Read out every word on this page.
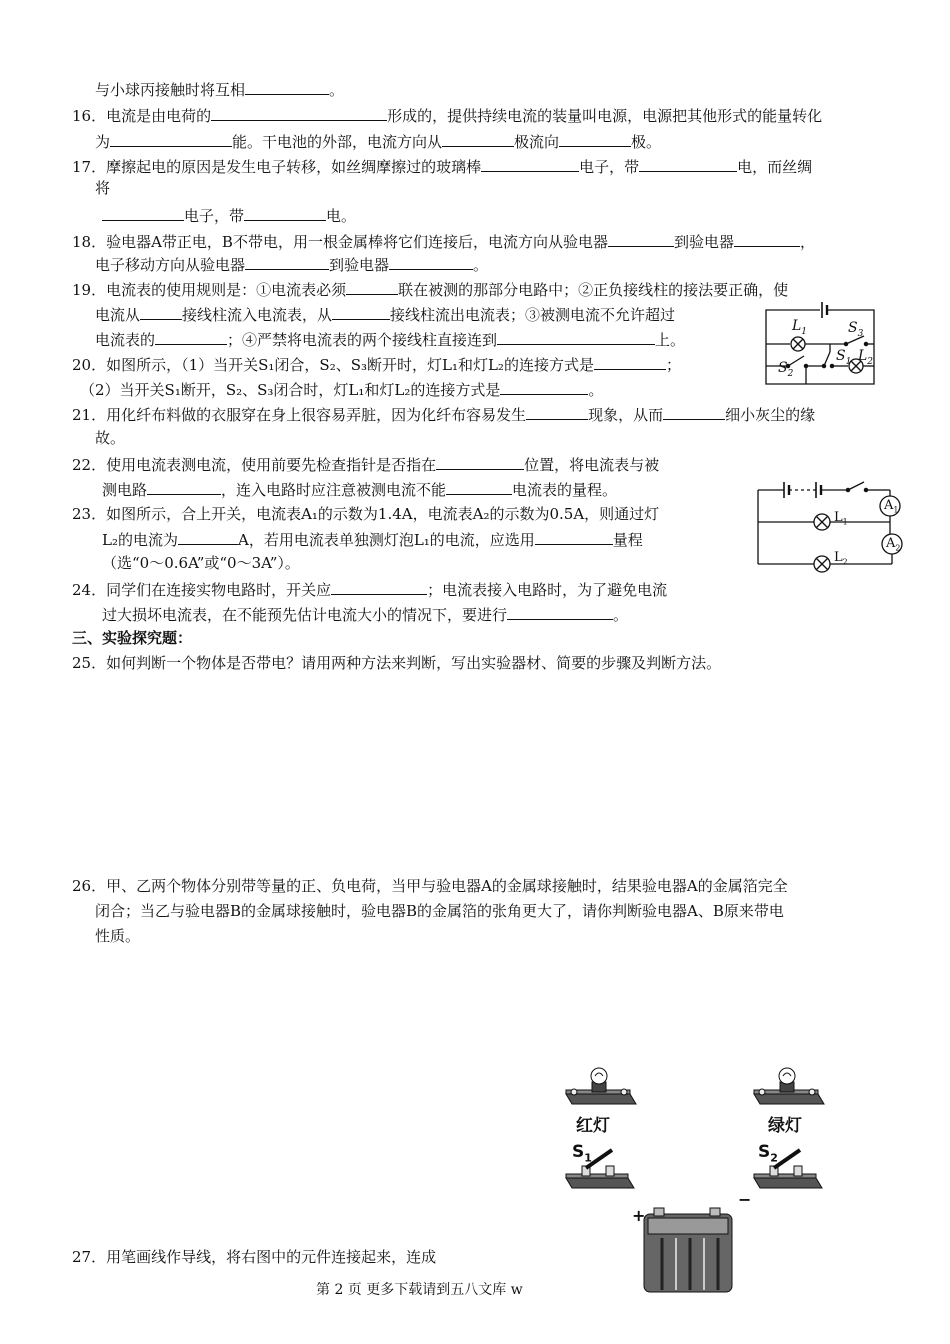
与小球丙接触时将互相	。
16．电流是由电荷的	形成的，提供持续电流的装量叫电源，电源把其他形式的能量转化
为	能。干电池的外部，电流方向从	极流向	极。
17．摩擦起电的原因是发生电子转移，如丝绸摩擦过的玻璃棒	电子，带	电，而丝绸
将
电子，带	电。
18．验电器A带正电，B不带电，用一根金属棒将它们连接后，电流方向从验电器	到验电器	，
电子移动方向从验电器	到验电器	。
19．电流表的使用规则是：①电流表必须	联在被测的那部分电路中；②正负接线柱的接法要正确，使
电流从	接线柱流入电流表，从	接线柱流出电流表；③被测电流不允许超过
电流表的	；④严禁将电流表的两个接线柱直接连到	上。
20．如图所示，（1）当开关S₁闭合，S₂、S₃断开时，灯L₁和灯L₂的连接方式是	；
（2）当开关S₁断开，S₂、S₃闭合时，灯L₁和灯L₂的连接方式是	。
$L_1$	$S_3$
$S_2$
$S_1$ $L_2$
21．用化纤布料做的衣服穿在身上很容易弄脏，因为化纤布容易发生	现象，从而	细小灰尘的缘
故。
22．使用电流表测电流，使用前要先检查指针是否指在	位置，将电流表与被
测电路	，连入电路时应注意被测电流不能	电流表的量程。
23．如图所示，合上开关，电流表A₁的示数为1.4A，电流表A₂的示数为0.5A，则通过灯
L₂的电流为	A，若用电流表单独测灯泡L₁的电流，应选用	量程
（选“0～0.6A”或“0～3A”）。
$A_1$
$A_2$
$L_1$
$L_2$
24．同学们在连接实物电路时，开关应	；电流表接入电路时，为了避免电流
过大损坏电流表，在不能预先估计电流大小的情况下，要进行	。
三、实验探究题：
25．如何判断一个物体是否带电？请用两种方法来判断，写出实验器材、简要的步骤及判断方法。
26．甲、乙两个物体分别带等量的正、负电荷，当甲与验电器A的金属球接触时，结果验电器A的金属箔完全
闭合；当乙与验电器B的金属球接触时，验电器B的金属箔的张角更大了，请你判断验电器A、B原来带电
性质。
红灯	绿灯
$S_1$	$S_2$
+
−
27．用笔画线作导线，将右图中的元件连接起来，连成
第 2 页 更多下载请到五八文库 w
